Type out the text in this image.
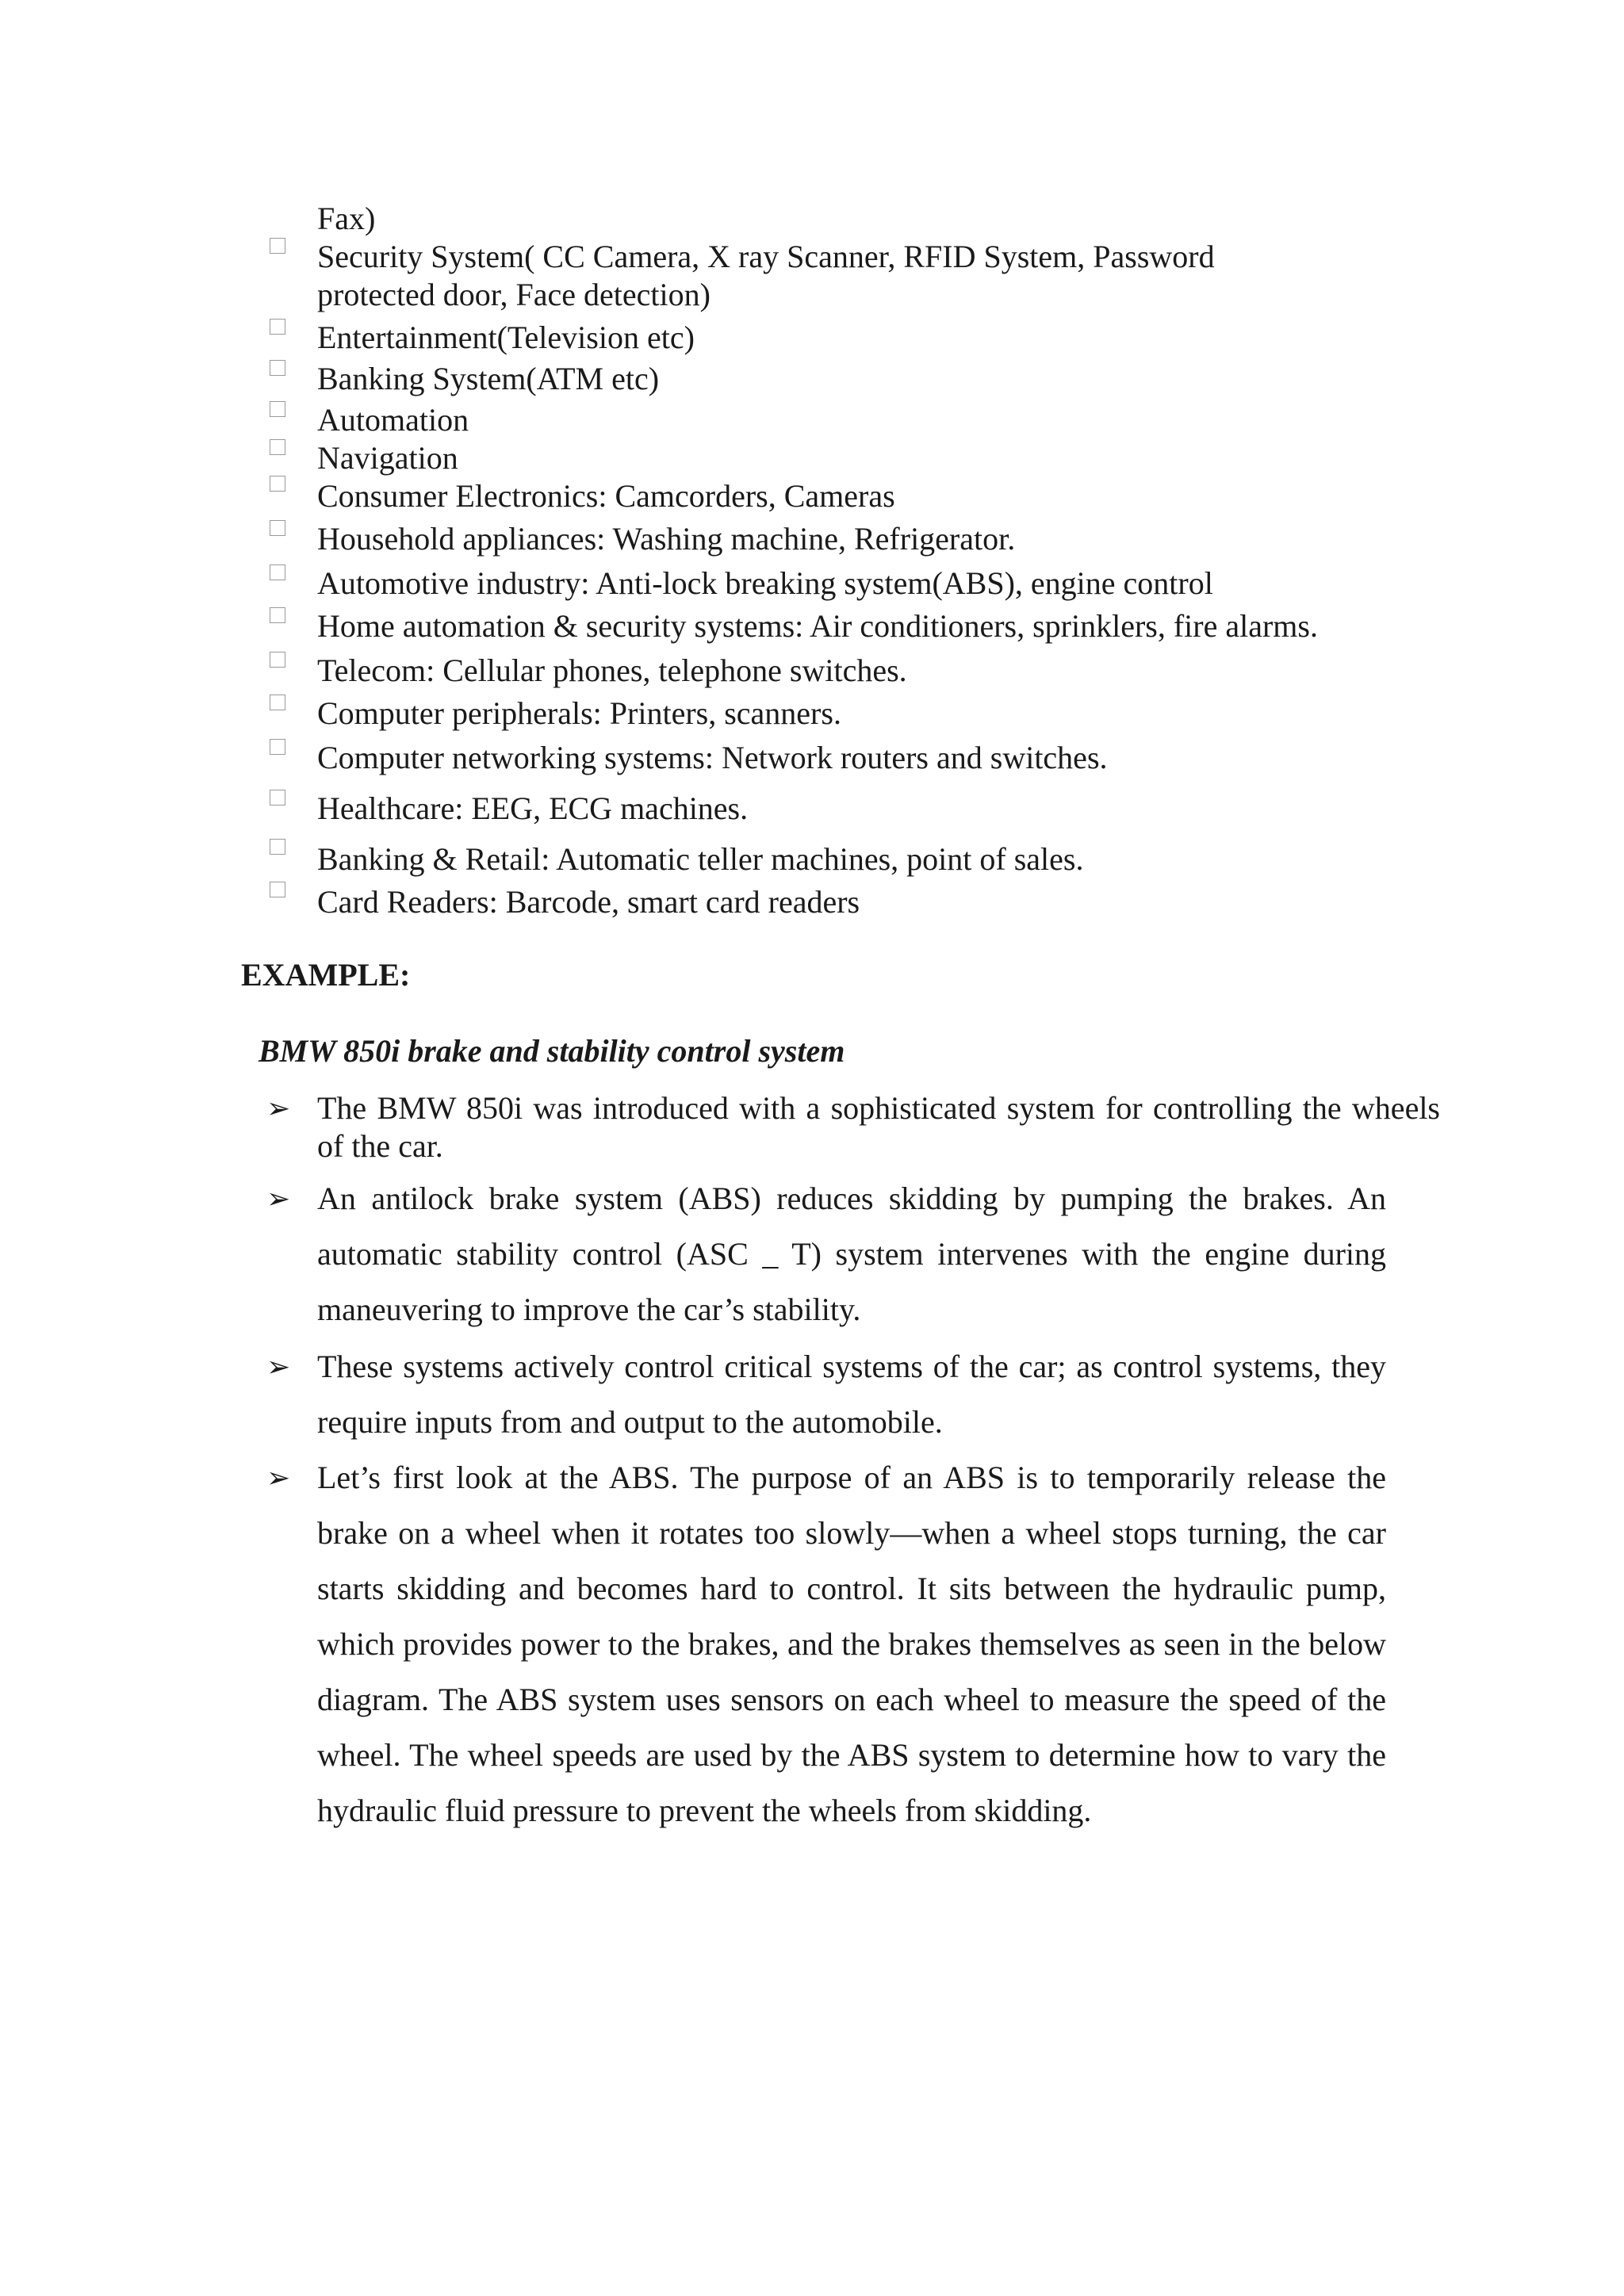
Fax)
Security System( CC Camera, X ray Scanner, RFID System, Password
protected door, Face detection)
Entertainment(Television etc)
Banking System(ATM etc)
Automation
Navigation
Consumer Electronics: Camcorders, Cameras
Household appliances: Washing machine, Refrigerator.
Automotive industry: Anti-lock breaking system(ABS), engine control
Home automation & security systems: Air conditioners, sprinklers, fire alarms.
Telecom: Cellular phones, telephone switches.
Computer peripherals: Printers, scanners.
Computer networking systems: Network routers and switches.
Healthcare: EEG, ECG machines.
Banking & Retail: Automatic teller machines, point of sales.
Card Readers: Barcode, smart card readers
EXAMPLE:
BMW 850i brake and stability control system
➢ The BMW 850i was introduced with a sophisticated system for controlling the wheels of the car.
➢ An antilock brake system (ABS) reduces skidding by pumping the brakes. An automatic stability control (ASC _ T) system intervenes with the engine during maneuvering to improve the car’s stability.
➢ These systems actively control critical systems of the car; as control systems, they require inputs from and output to the automobile.
➢ Let’s first look at the ABS. The purpose of an ABS is to temporarily release the brake on a wheel when it rotates too slowly—when a wheel stops turning, the car starts skidding and becomes hard to control. It sits between the hydraulic pump, which provides power to the brakes, and the brakes themselves as seen in the below diagram. The ABS system uses sensors on each wheel to measure the speed of the wheel. The wheel speeds are used by the ABS system to determine how to vary the hydraulic fluid pressure to prevent the wheels from skidding.
